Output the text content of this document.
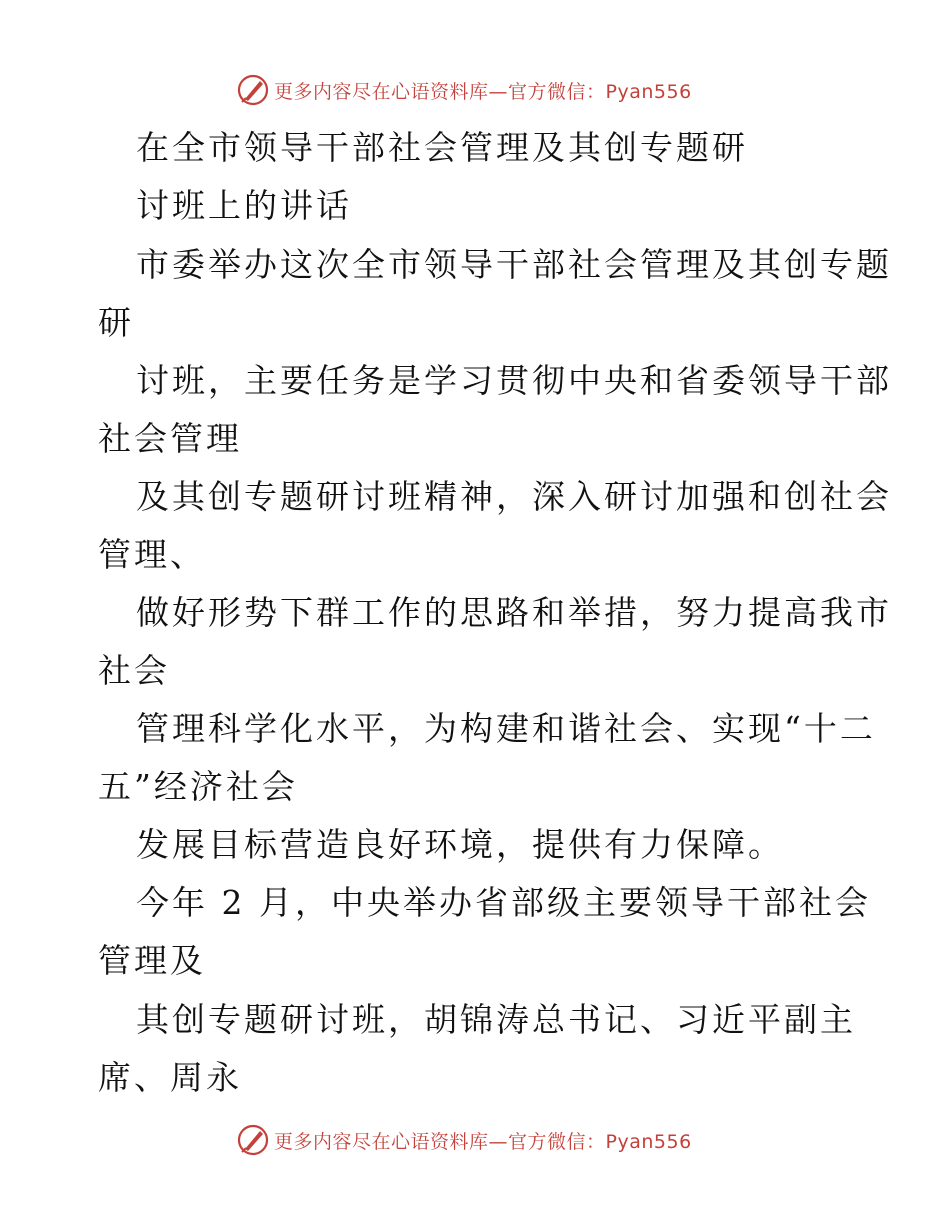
更多内容尽在心语资料库—官方微信：Pyan556
在全市领导干部社会管理及其创专题研
讨班上的讲话
市委举办这次全市领导干部社会管理及其创专题
研
讨班，主要任务是学习贯彻中央和省委领导干部
社会管理
及其创专题研讨班精神，深入研讨加强和创社会
管理、
做好形势下群工作的思路和举措，努力提高我市
社会
管理科学化水平，为构建和谐社会、实现“十二
五”经济社会
发展目标营造良好环境，提供有力保障。
今年 2 月，中央举办省部级主要领导干部社会
管理及
其创专题研讨班，胡锦涛总书记、习近平副主
席、周永
更多内容尽在心语资料库—官方微信：Pyan556
